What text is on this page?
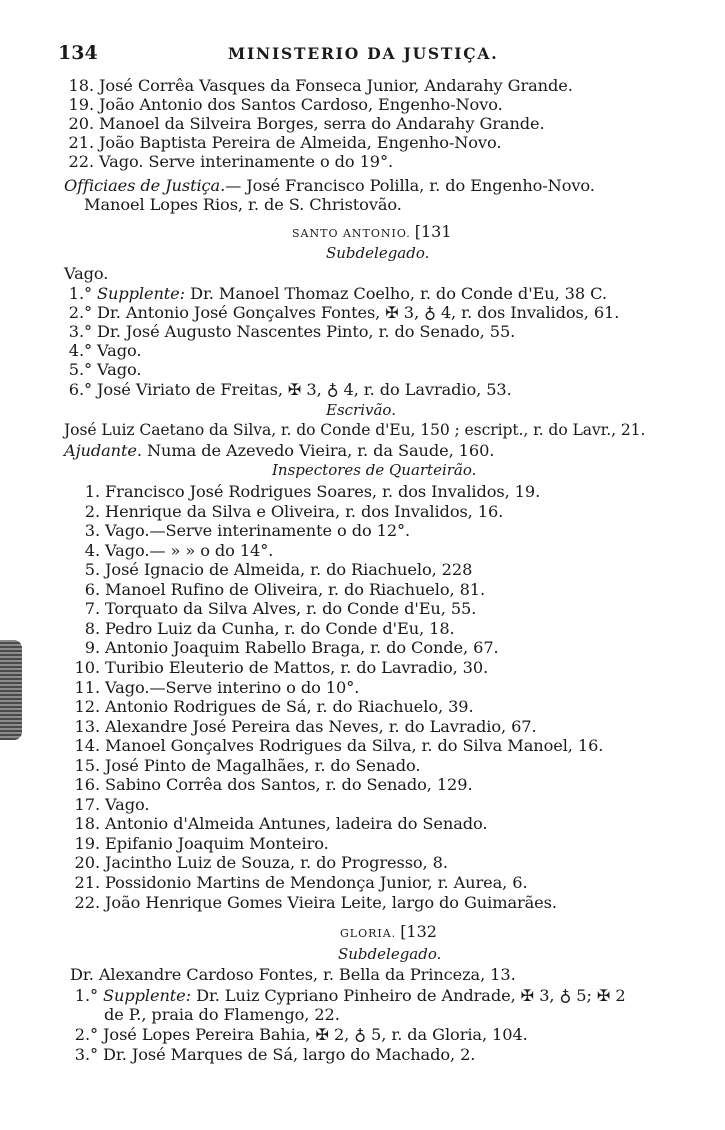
134	MINISTERIO DA JUSTIÇA.
18. José Corrêa Vasques da Fonseca Junior, Andarahy Grande.
19. João Antonio dos Santos Cardoso, Engenho-Novo.
20. Manoel da Silveira Borges, serra do Andarahy Grande.
21. João Baptista Pereira de Almeida, Engenho-Novo.
22. Vago. Serve interinamente o do 19°.
Officiaes de Justiça.— José Francisco Polilla, r. do Engenho-Novo.
Manoel Lopes Rios, r. de S. Christovão.
SANTO ANTONIO. [131
Subdelegado.
Vago.
1.° Supplente: Dr. Manoel Thomaz Coelho, r. do Conde d'Eu, 38 C.
2.° Dr. Antonio José Gonçalves Fontes, ✠ 3, ♁ 4, r. dos Invalidos, 61.
3.° Dr. José Augusto Nascentes Pinto, r. do Senado, 55.
4.° Vago.
5.° Vago.
6.° José Viriato de Freitas, ✠ 3, ♁ 4, r. do Lavradio, 53.
Escrivão.
José Luiz Caetano da Silva, r. do Conde d'Eu, 150 ; escript., r. do Lavr., 21.
Ajudante. Numa de Azevedo Vieira, r. da Saude, 160.
Inspectores de Quarteirão.
1. Francisco José Rodrigues Soares, r. dos Invalidos, 19.
2. Henrique da Silva e Oliveira, r. dos Invalidos, 16.
3. Vago.—Serve interinamente o do 12°.
4. Vago.— » » o do 14°.
5. José Ignacio de Almeida, r. do Riachuelo, 228
6. Manoel Rufino de Oliveira, r. do Riachuelo, 81.
7. Torquato da Silva Alves, r. do Conde d'Eu, 55.
8. Pedro Luiz da Cunha, r. do Conde d'Eu, 18.
9. Antonio Joaquim Rabello Braga, r. do Conde, 67.
10. Turibio Eleuterio de Mattos, r. do Lavradio, 30.
11. Vago.—Serve interino o do 10°.
12. Antonio Rodrigues de Sá, r. do Riachuelo, 39.
13. Alexandre José Pereira das Neves, r. do Lavradio, 67.
14. Manoel Gonçalves Rodrigues da Silva, r. do Silva Manoel, 16.
15. José Pinto de Magalhães, r. do Senado.
16. Sabino Corrêa dos Santos, r. do Senado, 129.
17. Vago.
18. Antonio d'Almeida Antunes, ladeira do Senado.
19. Epifanio Joaquim Monteiro.
20. Jacintho Luiz de Souza, r. do Progresso, 8.
21. Possidonio Martins de Mendonça Junior, r. Aurea, 6.
22. João Henrique Gomes Vieira Leite, largo do Guimarães.
GLORIA. [132
Subdelegado.
Dr. Alexandre Cardoso Fontes, r. Bella da Princeza, 13.
1.° Supplente: Dr. Luiz Cypriano Pinheiro de Andrade, ✠ 3, ♁ 5; ✠ 2
de P., praia do Flamengo, 22.
2.° José Lopes Pereira Bahia, ✠ 2, ♁ 5, r. da Gloria, 104.
3.° Dr. José Marques de Sá, largo do Machado, 2.
